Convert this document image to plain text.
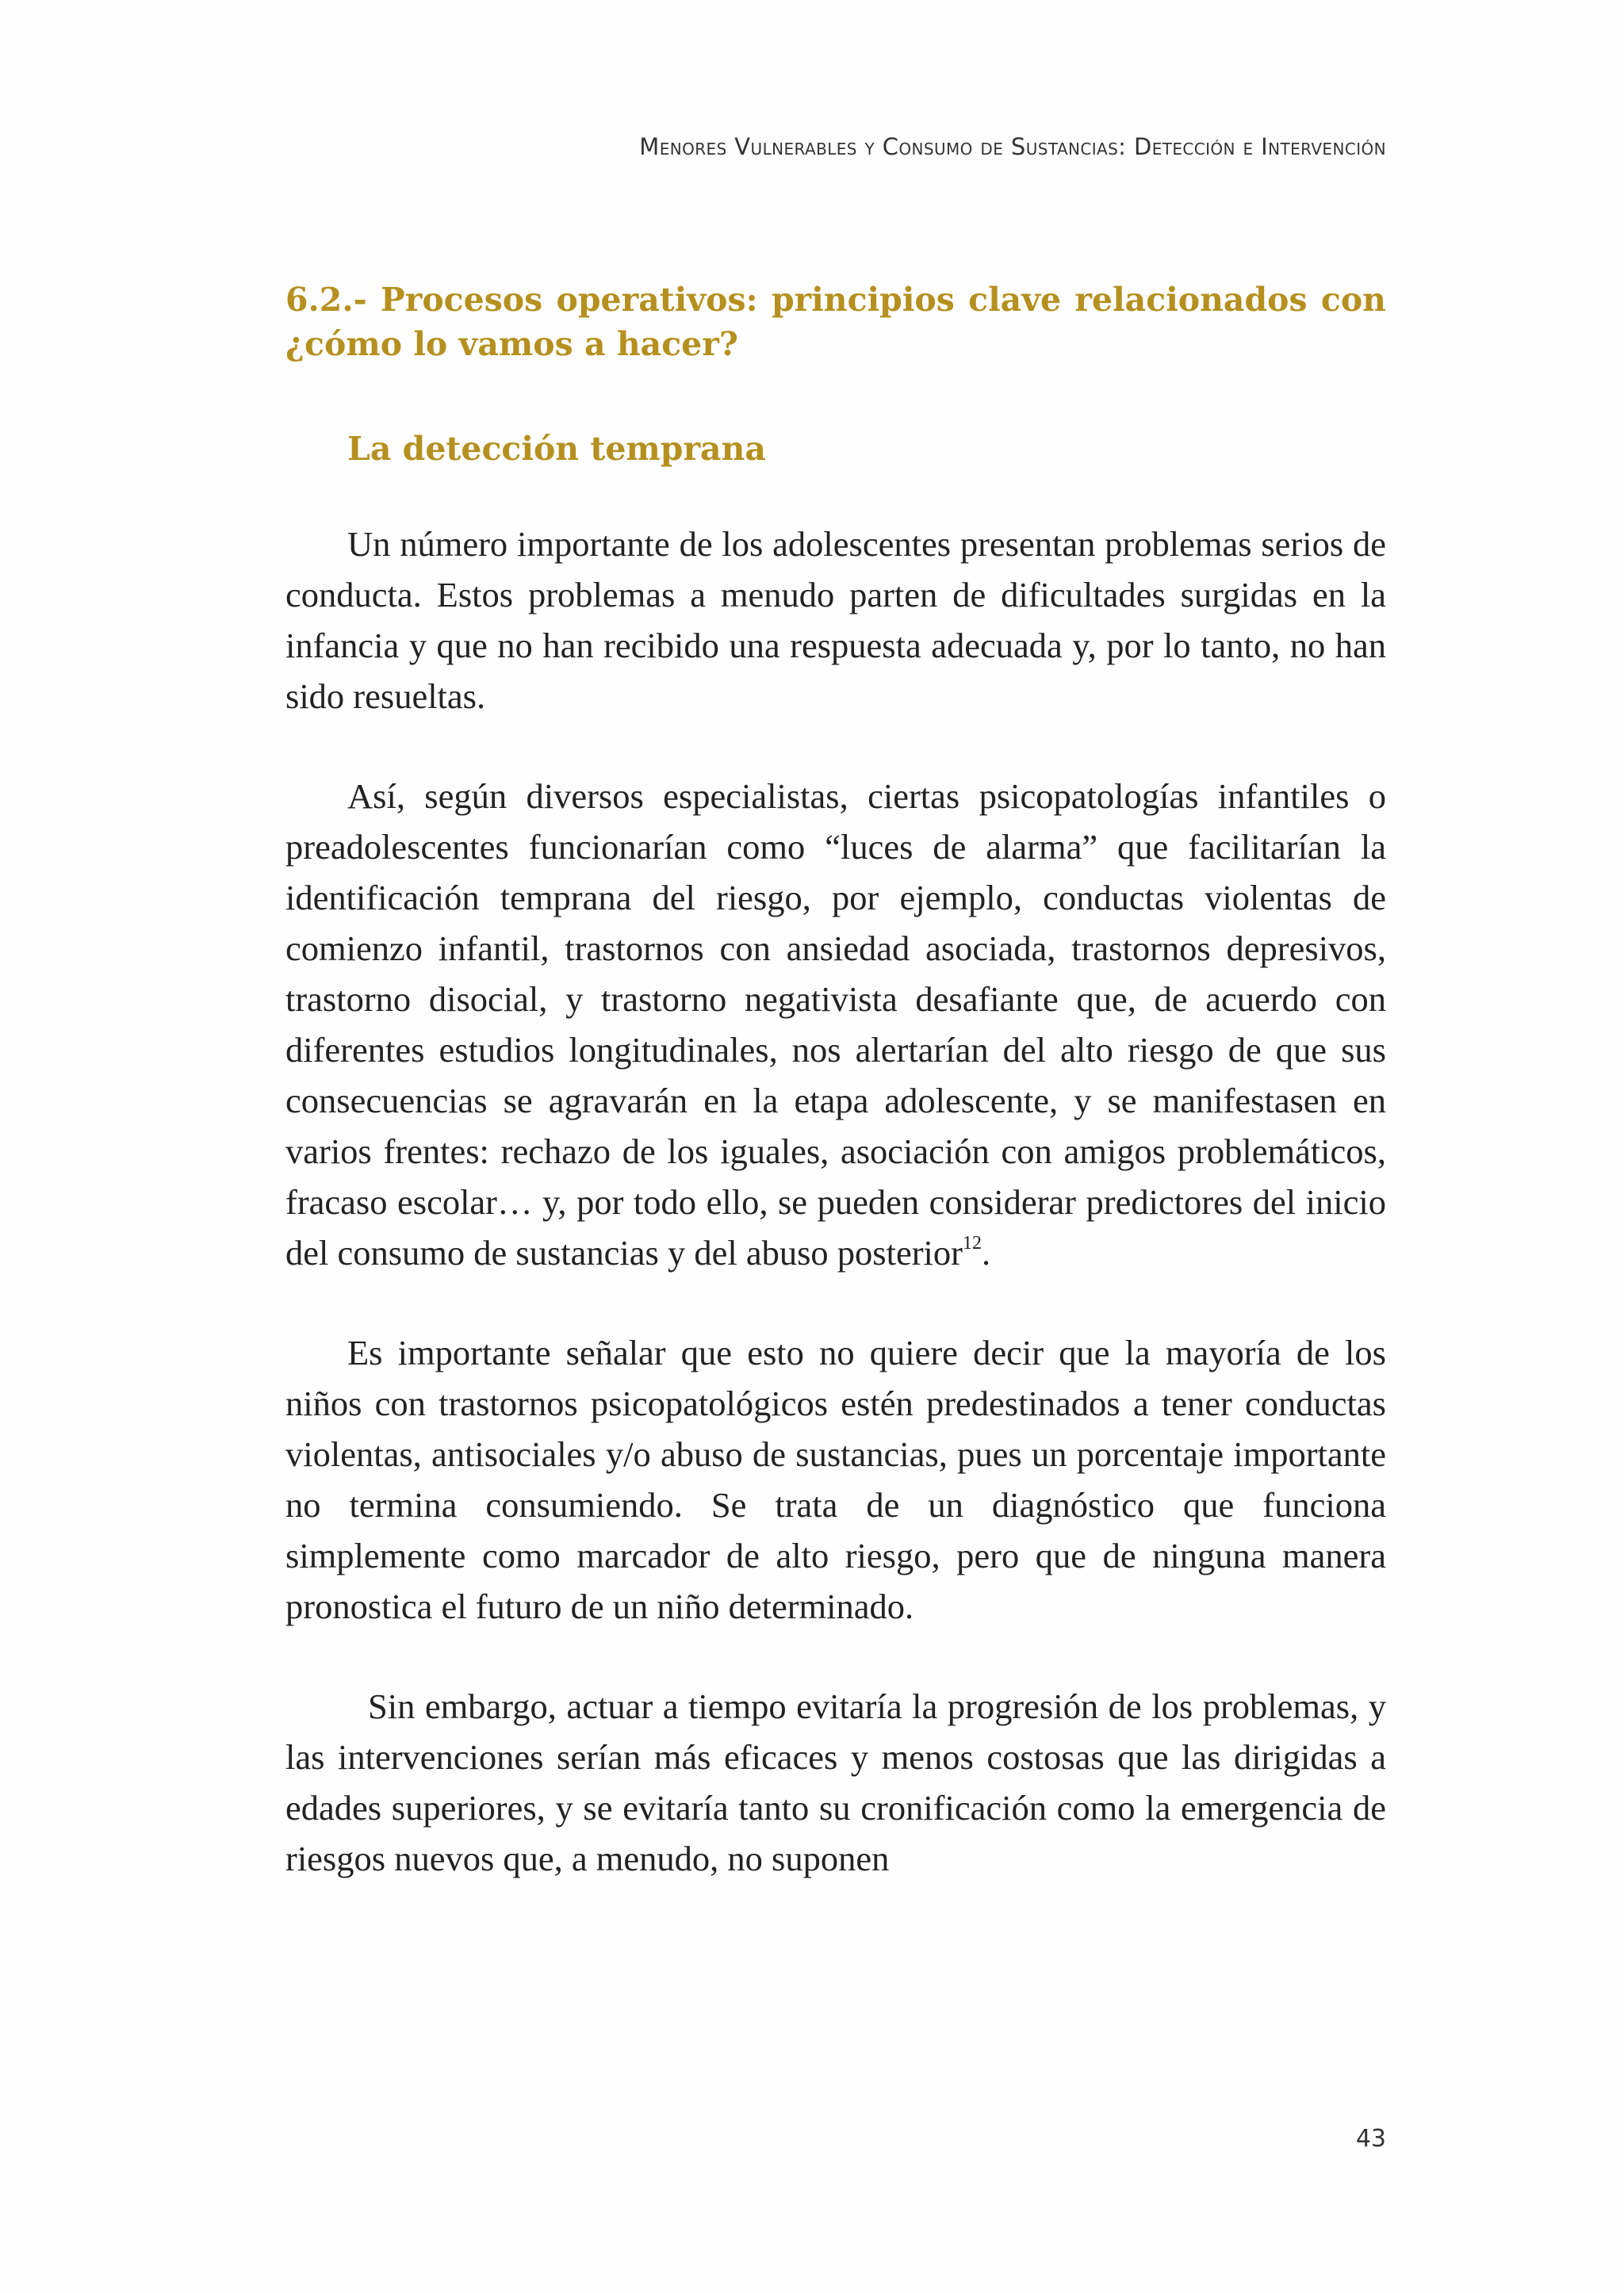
Menores Vulnerables y Consumo de Sustancias: Detección e Intervención
6.2.- Procesos operativos: principios clave relacionados con ¿cómo lo vamos a hacer?
La detección temprana

Un número importante de los adolescentes presentan problemas serios de conducta. Estos problemas a menudo parten de dificultades surgidas en la infancia y que no han recibido una respuesta adecuada y, por lo tanto, no han sido resueltas.

Así, según diversos especialistas, ciertas psicopatologías infantiles o preadolescentes funcionarían como “luces de alarma” que facilitarían la identificación temprana del riesgo, por ejemplo, conductas violentas de comienzo infantil, trastornos con ansiedad asociada, trastornos depresivos, trastorno disocial, y trastorno negativista desafiante que, de acuerdo con diferentes estudios longitudinales, nos alertarían del alto riesgo de que sus consecuencias se agravarán en la etapa adolescente, y se manifestasen en varios frentes: rechazo de los iguales, asociación con amigos problemáticos, fracaso escolar… y, por todo ello, se pueden considerar predictores del inicio del consumo de sustancias y del abuso posterior$^{12}$.

Es importante señalar que esto no quiere decir que la mayoría de los niños con trastornos psicopatológicos estén predestinados a tener conductas violentas, antisociales y/o abuso de sustancias, pues un porcentaje importante no termina consumiendo. Se trata de un diagnóstico que funciona simplemente como marcador de alto riesgo, pero que de ninguna manera pronostica el futuro de un niño determinado.

Sin embargo, actuar a tiempo evitaría la progresión de los problemas, y las intervenciones serían más eficaces y menos costosas que las dirigidas a edades superiores, y se evitaría tanto su cronificación como la emergencia de riesgos nuevos que, a menudo, no suponen

43
